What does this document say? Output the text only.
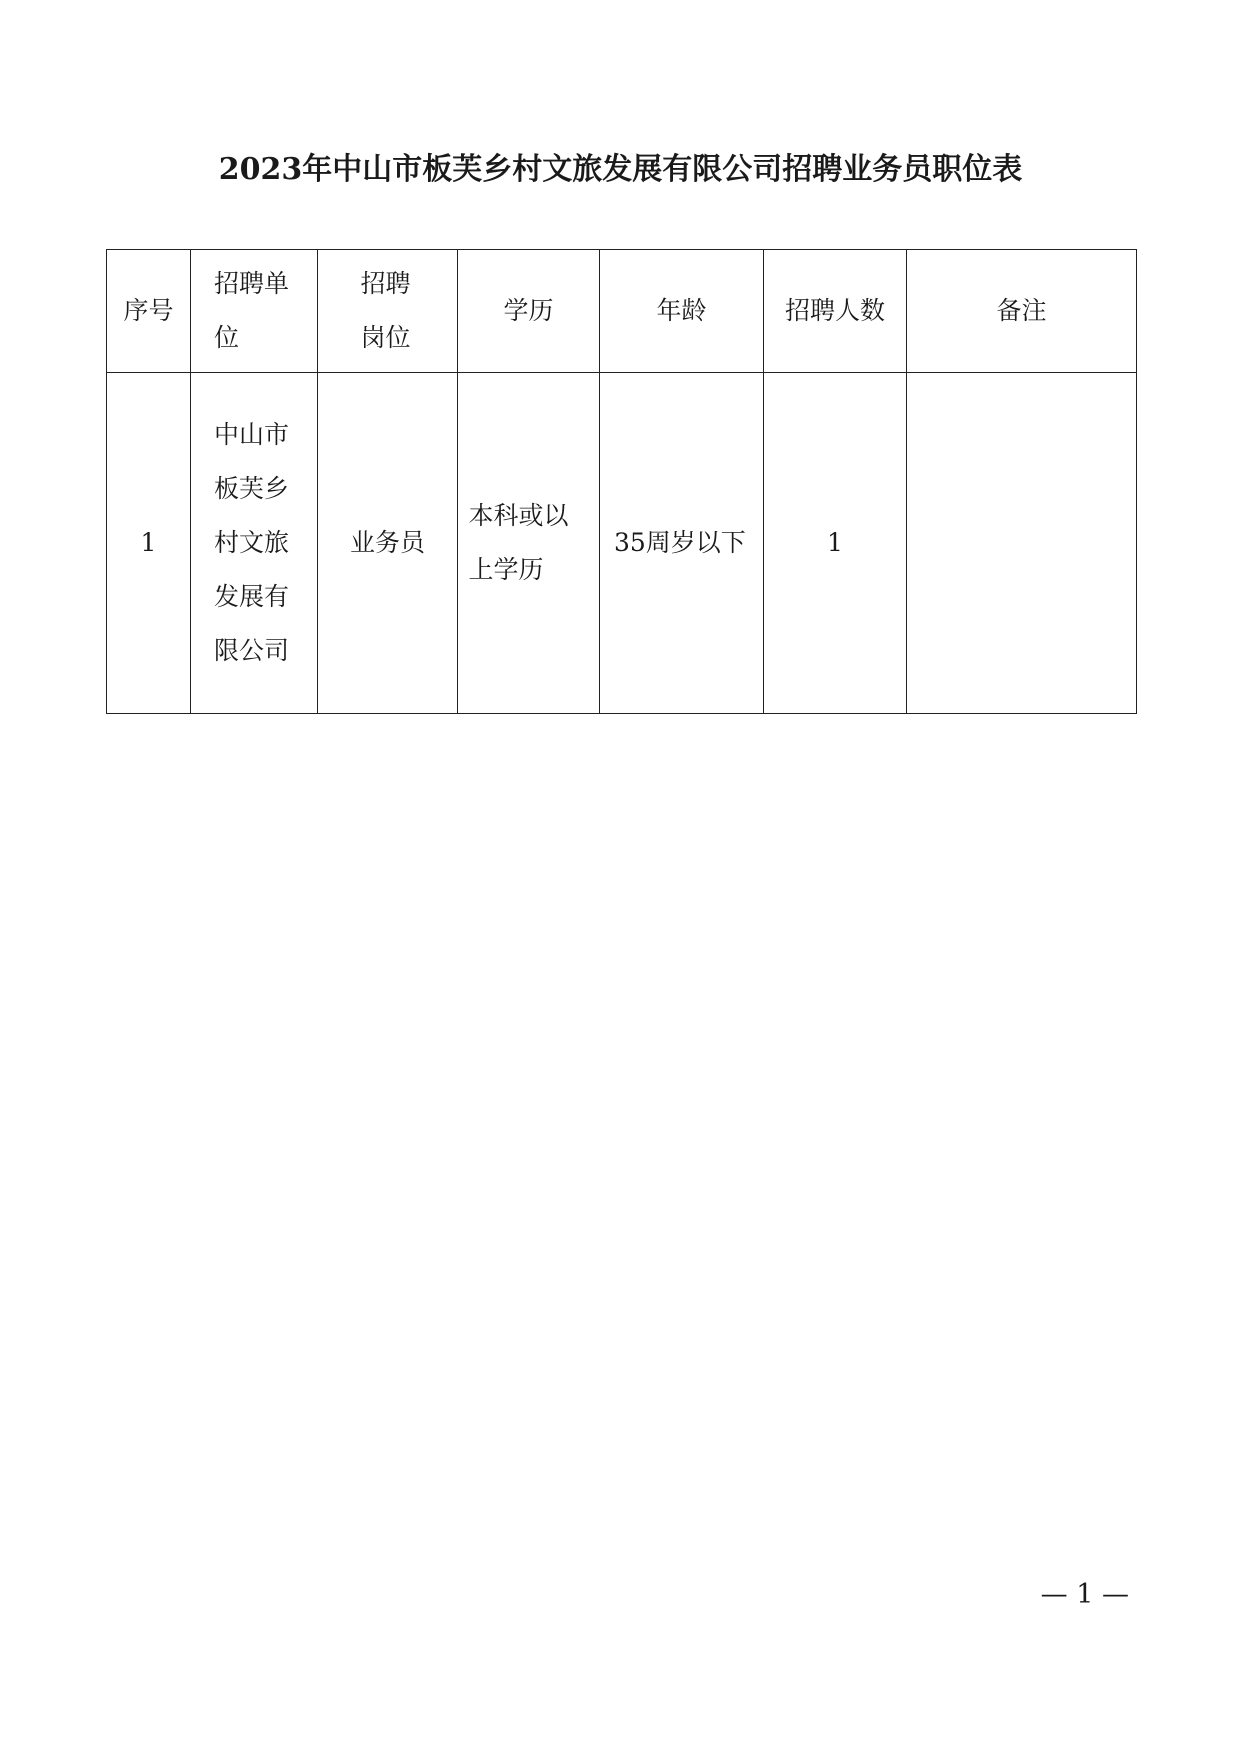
2023年中山市板芙乡村文旅发展有限公司招聘业务员职位表
序号	招聘单位	招聘岗位	学历	年龄	招聘人数	备注
1	中山市板芙乡村文旅发展有限公司	业务员	本科或以上学历	35周岁以下	1	

— 1 —
